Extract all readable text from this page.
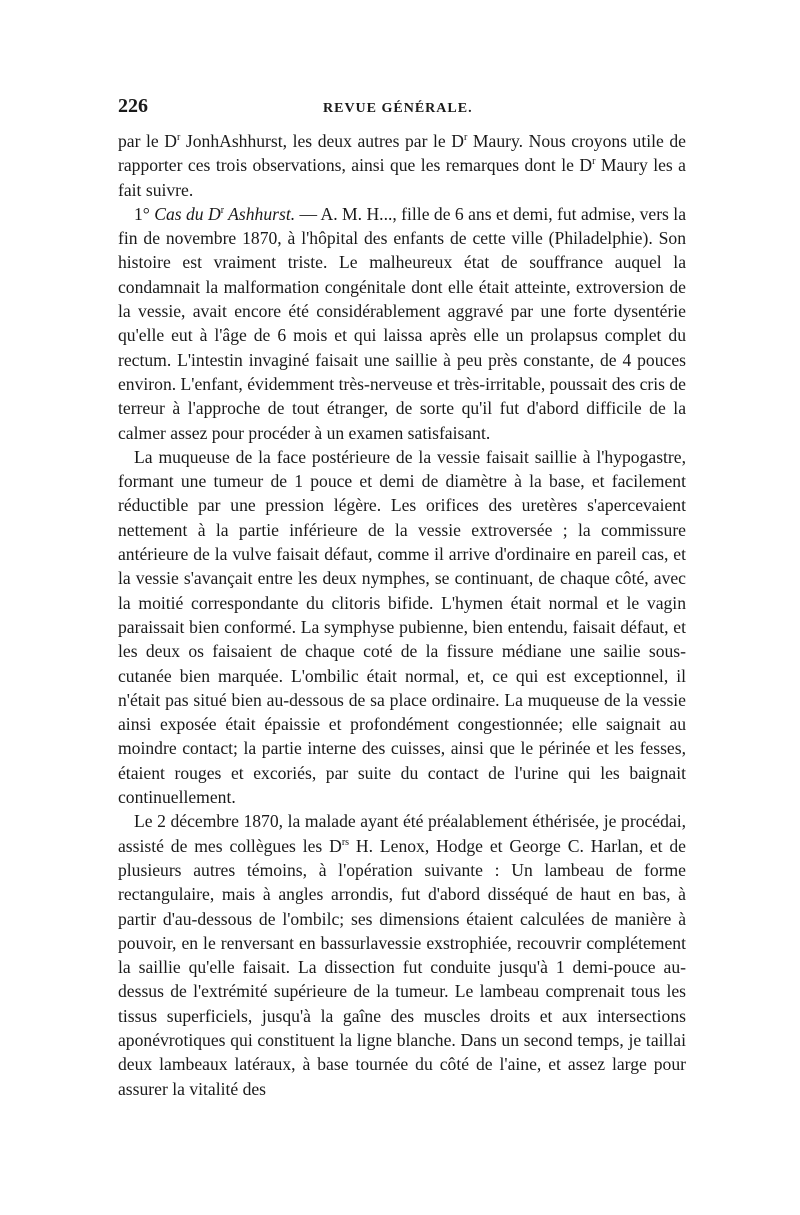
226	REVUE GÉNÉRALE.

par le $D^r$ JonhAshhurst, les deux autres par le $D^r$ Maury. Nous croyons utile de rapporter ces trois observations, ainsi que les remarques dont le $D^r$ Maury les a fait suivre.

1° Cas du $D^r$ Ashhurst. — A. M. H..., fille de 6 ans et demi, fut admise, vers la fin de novembre 1870, à l'hôpital des enfants de cette ville (Philadelphie). Son histoire est vraiment triste. Le malheureux état de souffrance auquel la condamnait la malformation congénitale dont elle était atteinte, extroversion de la vessie, avait encore été considérablement aggravé par une forte dysentérie qu'elle eut à l'âge de 6 mois et qui laissa après elle un prolapsus complet du rectum. L'intestin invaginé faisait une saillie à peu près constante, de 4 pouces environ. L'enfant, évidemment très-nerveuse et très-irritable, poussait des cris de terreur à l'approche de tout étranger, de sorte qu'il fut d'abord difficile de la calmer assez pour procéder à un examen satisfaisant.

La muqueuse de la face postérieure de la vessie faisait saillie à l'hypogastre, formant une tumeur de 1 pouce et demi de diamètre à la base, et facilement réductible par une pression légère. Les orifices des uretères s'apercevaient nettement à la partie inférieure de la vessie extroversée ; la commissure antérieure de la vulve faisait défaut, comme il arrive d'ordinaire en pareil cas, et la vessie s'avançait entre les deux nymphes, se continuant, de chaque côté, avec la moitié correspondante du clitoris bifide. L'hymen était normal et le vagin paraissait bien conformé. La symphyse pubienne, bien entendu, faisait défaut, et les deux os faisaient de chaque coté de la fissure médiane une sailie sous-cutanée bien marquée. L'ombilic était normal, et, ce qui est exceptionnel, il n'était pas situé bien au-dessous de sa place ordinaire. La muqueuse de la vessie ainsi exposée était épaissie et profondément congestionnée; elle saignait au moindre contact; la partie interne des cuisses, ainsi que le périnée et les fesses, étaient rouges et excoriés, par suite du contact de l'urine qui les baignait continuellement.

Le 2 décembre 1870, la malade ayant été préalablement éthérisée, je procédai, assisté de mes collègues les $D^{rs}$ H. Lenox, Hodge et George C. Harlan, et de plusieurs autres témoins, à l'opération suivante : Un lambeau de forme rectangulaire, mais à angles arrondis, fut d'abord disséqué de haut en bas, à partir d'au-dessous de l'ombilc; ses dimensions étaient calculées de manière à pouvoir, en le renversant en bassurlavessie exstrophiée, recouvrir complétement la saillie qu'elle faisait. La dissection fut conduite jusqu'à 1 demi-pouce au-dessus de l'extrémité supérieure de la tumeur. Le lambeau comprenait tous les tissus superficiels, jusqu'à la gaîne des muscles droits et aux intersections aponévrotiques qui constituent la ligne blanche. Dans un second temps, je taillai deux lambeaux latéraux, à base tournée du côté de l'aine, et assez large pour assurer la vitalité des
